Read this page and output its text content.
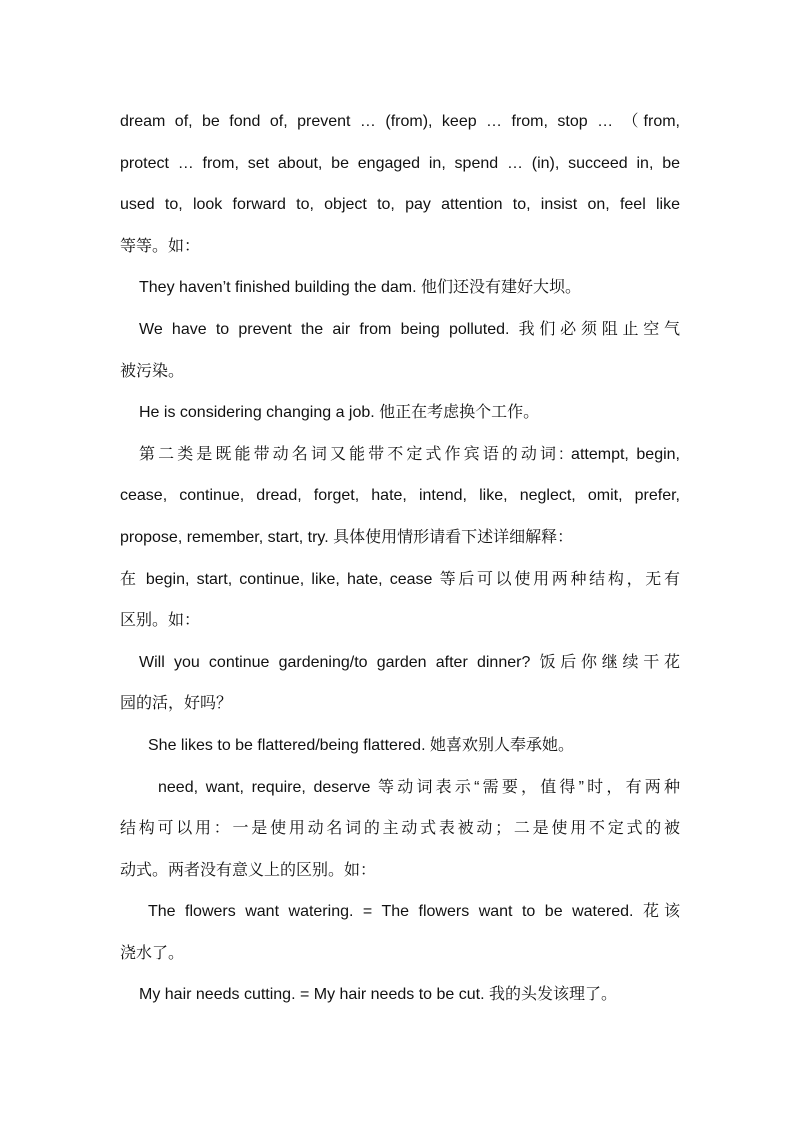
dream of, be fond of, prevent … (from), keep … from, stop … （from,
protect … from, set about, be engaged in, spend … (in), succeed in, be
used to, look forward to, object to, pay attention to, insist on, feel like
等等。如：
They haven’t finished building the dam. 他们还没有建好大坝。
We have to prevent the air from being polluted. 我们必须阻止空气
被污染。
He is considering changing a job. 他正在考虑换个工作。
第二类是既能带动名词又能带不定式作宾语的动词: attempt, begin,
cease, continue, dread, forget, hate, intend, like, neglect, omit, prefer,
propose, remember, start, try. 具体使用情形请看下述详细解释：
在 begin, start, continue, like, hate, cease 等后可以使用两种结构，无有
区别。如：
Will you continue gardening/to garden after dinner? 饭后你继续干花
园的活，好吗？
She likes to be flattered/being flattered. 她喜欢别人奉承她。
need, want, require, deserve 等动词表示“需要，值得”时，有两种
结构可以用：一是使用动名词的主动式表被动；二是使用不定式的被
动式。两者没有意义上的区别。如：
The flowers want watering. = The flowers want to be watered. 花该
浇水了。
My hair needs cutting. = My hair needs to be cut. 我的头发该理了。
